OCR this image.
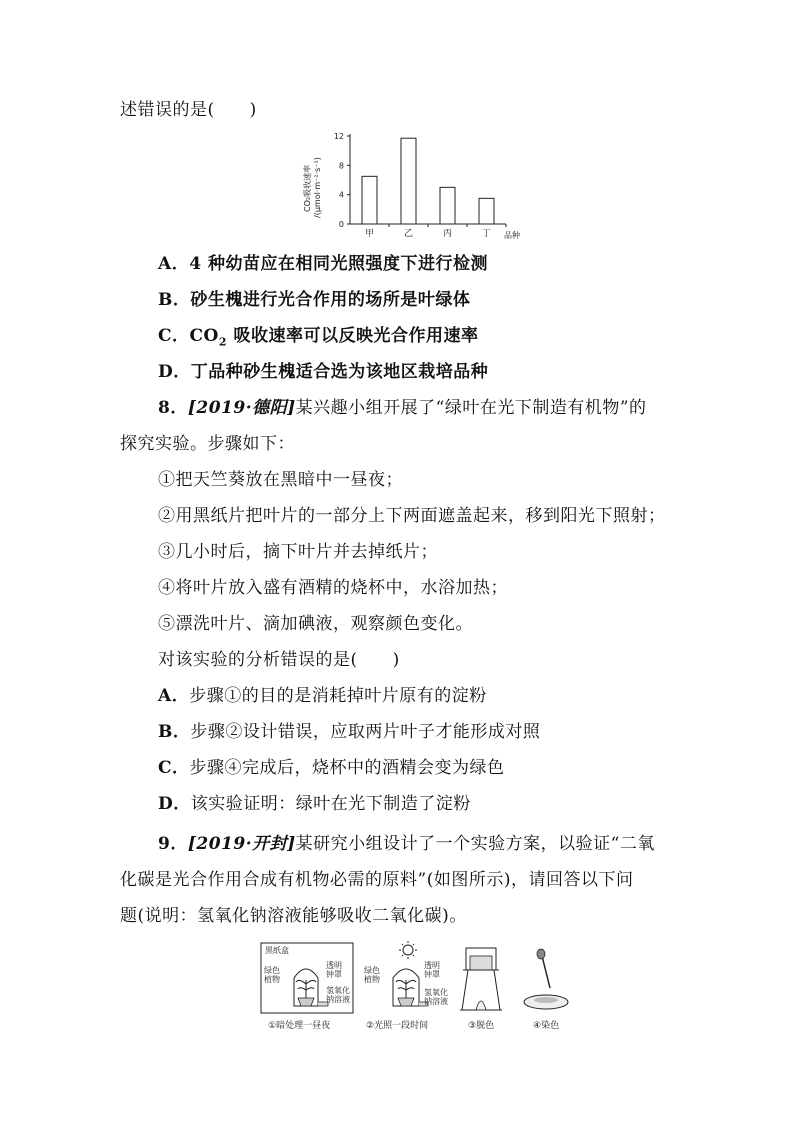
述错误的是(　　)
0
4
8
12
甲	乙	丙	丁
CO₂吸收速率 /(μmol·m⁻²·s⁻¹)
品种
A．4 种幼苗应在相同光照强度下进行检测
B．砂生槐进行光合作用的场所是叶绿体
C．$CO_2$ 吸收速率可以反映光合作用速率
D．丁品种砂生槐适合选为该地区栽培品种
8．[2019·德阳]某兴趣小组开展了“绿叶在光下制造有机物”的
探究实验。步骤如下：
①把天竺葵放在黑暗中一昼夜；
②用黑纸片把叶片的一部分上下两面遮盖起来，移到阳光下照射；
③几小时后，摘下叶片并去掉纸片；
④将叶片放入盛有酒精的烧杯中，水浴加热；
⑤漂洗叶片、滴加碘液，观察颜色变化。
对该实验的分析错误的是(　　)
A．步骤①的目的是消耗掉叶片原有的淀粉
B．步骤②设计错误，应取两片叶子才能形成对照
C．步骤④完成后，烧杯中的酒精会变为绿色
D．该实验证明：绿叶在光下制造了淀粉
9．[2019·开封]某研究小组设计了一个实验方案，以验证“二氧
化碳是光合作用合成有机物必需的原料”(如图所示)，请回答以下问
题(说明：氢氧化钠溶液能够吸收二氧化碳)。
黑纸盒
绿色
植物
透明
钟罩
氢氧化
钠溶液
①暗处理一昼夜
绿色
植物
透明
钟罩
氢氧化
钠溶液
②光照一段时间	③脱色	④染色
